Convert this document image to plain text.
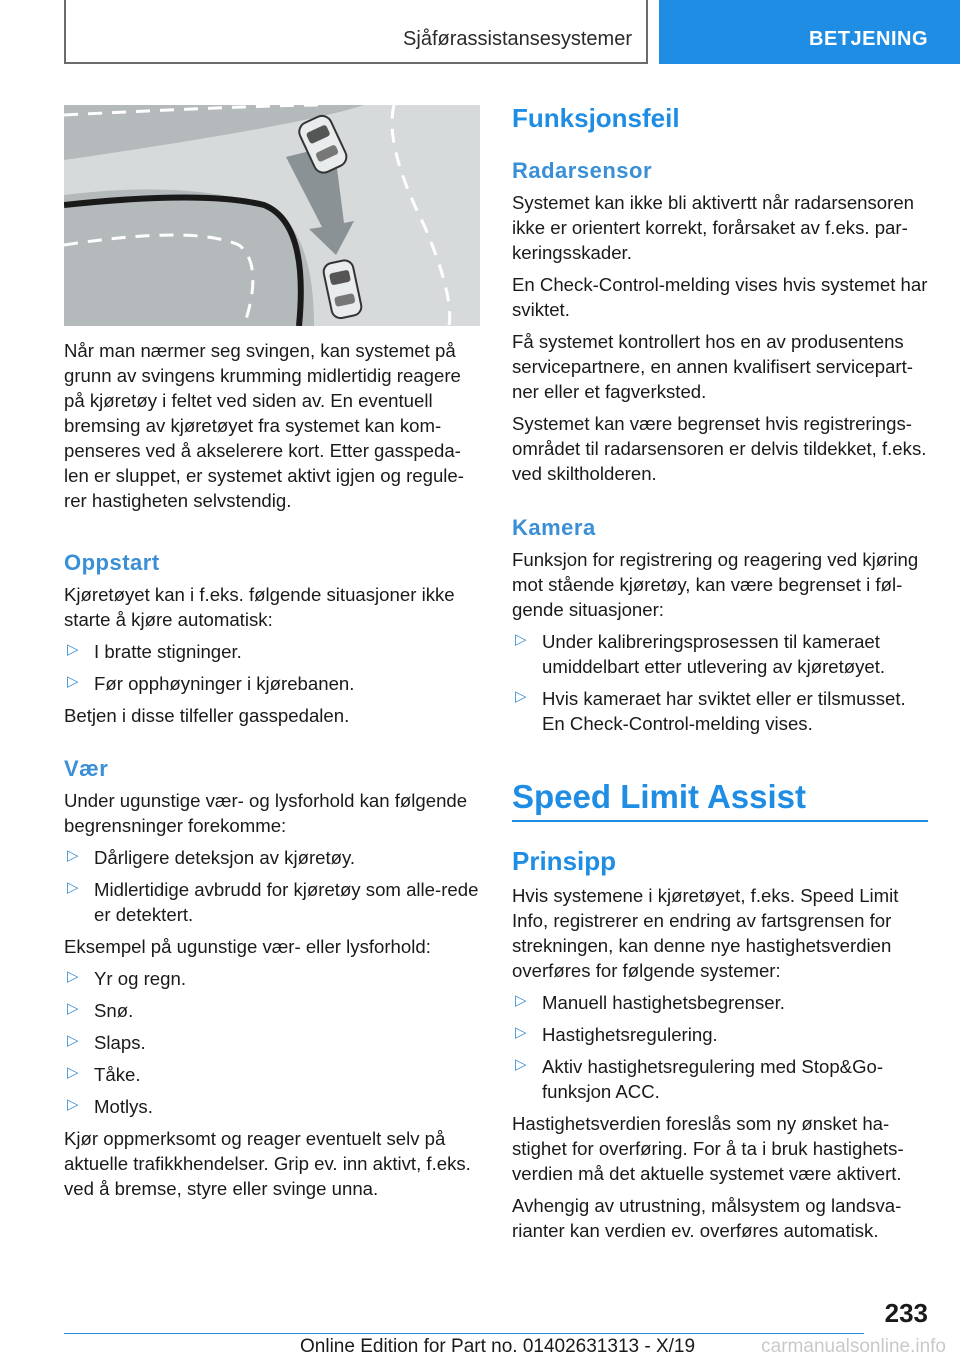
Sjåførassistansesystemer	BETJENING

Når man nærmer seg svingen, kan systemet på grunn av svingens krumming midlertidig reagere på kjøretøy i feltet ved siden av. En eventuell bremsing av kjøretøyet fra systemet kan kom-penseres ved å akselerere kort. Etter gasspeda-len er sluppet, er systemet aktivt igjen og regule-rer hastigheten selvstendig.

Oppstart

Kjøretøyet kan i f.eks. følgende situasjoner ikke starte å kjøre automatisk:

▷ I bratte stigninger.

▷ Før opphøyninger i kjørebanen.

Betjen i disse tilfeller gasspedalen.

Vær

Under ugunstige vær- og lysforhold kan følgende begrensninger forekomme:

▷ Dårligere deteksjon av kjøretøy.

▷ Midlertidige avbrudd for kjøretøy som alle-rede er detektert.

Eksempel på ugunstige vær- eller lysforhold:

▷ Yr og regn.

▷ Snø.

▷ Slaps.

▷ Tåke.

▷ Motlys.

Kjør oppmerksomt og reager eventuelt selv på aktuelle trafikkhendelser. Grip ev. inn aktivt, f.eks. ved å bremse, styre eller svinge unna.

Funksjonsfeil
Radarsensor

Systemet kan ikke bli aktivertt når radarsensoren ikke er orientert korrekt, forårsaket av f.eks. par-keringsskader.

En Check-Control-melding vises hvis systemet har sviktet.

Få systemet kontrollert hos en av produsentens servicepartnere, en annen kvalifisert servicepart-ner eller et fagverksted.

Systemet kan være begrenset hvis registrerings-området til radarsensoren er delvis tildekket, f.eks. ved skiltholderen.

Kamera

Funksjon for registrering og reagering ved kjøring mot stående kjøretøy, kan være begrenset i føl-gende situasjoner:

▷ Under kalibreringsprosessen til kameraet umiddelbart etter utlevering av kjøretøyet.

▷ Hvis kameraet har sviktet eller er tilsmusset. En Check-Control-melding vises.

Speed Limit Assist
Prinsipp

Hvis systemene i kjøretøyet, f.eks. Speed Limit Info, registrerer en endring av fartsgrensen for strekningen, kan denne nye hastighetsverdien overføres for følgende systemer:

▷ Manuell hastighetsbegrenser.

▷ Hastighetsregulering.

▷ Aktiv hastighetsregulering med Stop&Go-funksjon ACC.

Hastighetsverdien foreslås som ny ønsket ha-stighet for overføring. For å ta i bruk hastighets-verdien må det aktuelle systemet være aktivert.

Avhengig av utrustning, målsystem og landsva-rianter kan verdien ev. overføres automatisk.

233
Online Edition for Part no. 01402631313 - X/19	carmanualsonline.info
